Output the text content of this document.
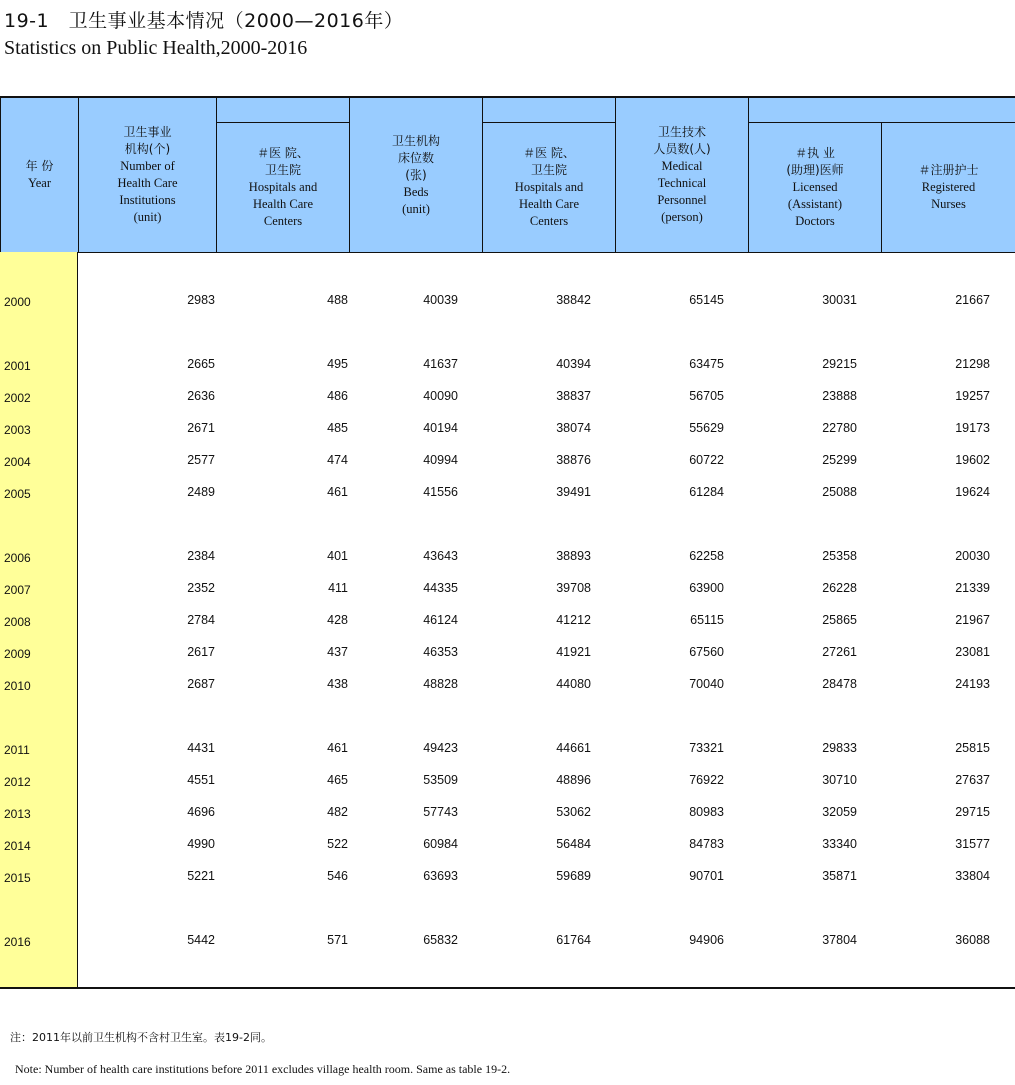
19-1　卫生事业基本情况（2000—2016年）
Statistics on Public Health,2000-2016
年 份
Year
卫生事业
机构(个)
Number of
Health Care
Institutions
(unit)
＃医 院、
卫生院
Hospitals and
Health Care
Centers
卫生机构
床位数
(张)
Beds
(unit)
＃医 院、
卫生院
Hospitals and
Health Care
Centers
卫生技术
人员数(人)
Medical
Technical
Personnel
(person)
＃执 业
(助理)医师
Licensed
(Assistant)
Doctors
＃注册护士
Registered
Nurses
2000	2983	488	40039	38842	65145	30031	21667
2001	2665	495	41637	40394	63475	29215	21298
2002	2636	486	40090	38837	56705	23888	19257
2003	2671	485	40194	38074	55629	22780	19173
2004	2577	474	40994	38876	60722	25299	19602
2005	2489	461	41556	39491	61284	25088	19624
2006	2384	401	43643	38893	62258	25358	20030
2007	2352	411	44335	39708	63900	26228	21339
2008	2784	428	46124	41212	65115	25865	21967
2009	2617	437	46353	41921	67560	27261	23081
2010	2687	438	48828	44080	70040	28478	24193
2011	4431	461	49423	44661	73321	29833	25815
2012	4551	465	53509	48896	76922	30710	27637
2013	4696	482	57743	53062	80983	32059	29715
2014	4990	522	60984	56484	84783	33340	31577
2015	5221	546	63693	59689	90701	35871	33804
2016	5442	571	65832	61764	94906	37804	36088
注：2011年以前卫生机构不含村卫生室。表19-2同。
Note: Number of health care institutions before 2011 excludes village health room. Same as table 19-2.
